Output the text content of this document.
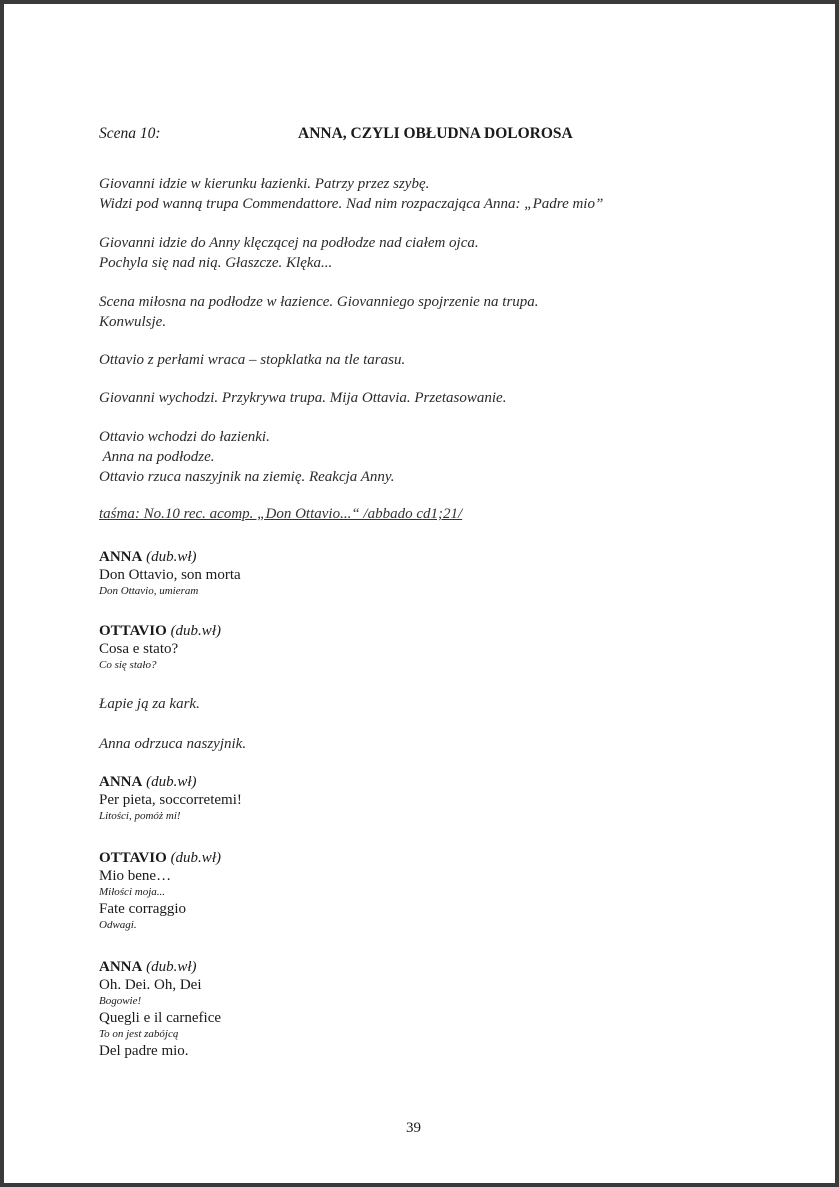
Scena 10:	ANNA, CZYLI OBŁUDNA DOLOROSA
Giovanni idzie w kierunku łazienki. Patrzy przez szybę.
Widzi pod wanną trupa Commendattore. Nad nim rozpaczająca Anna: „Padre mio”
Giovanni idzie do Anny klęczącej na podłodze nad ciałem ojca.
Pochyla się nad nią. Głaszcze. Klęka...
Scena miłosna na podłodze w łazience. Giovanniego spojrzenie na trupa.
Konwulsje.
Ottavio z perłami wraca – stopklatka na tle tarasu.
Giovanni wychodzi. Przykrywa trupa. Mija Ottavia. Przetasowanie.
Ottavio wchodzi do łazienki.
Anna na podłodze.
Ottavio rzuca naszyjnik na ziemię. Reakcja Anny.
taśma: No.10 rec. acomp. „Don Ottavio...“ /abbado cd1;21/
ANNA (dub.wł)
Don Ottavio, son morta
Don Ottavio, umieram
OTTAVIO (dub.wł)
Cosa e stato?
Co się stało?
Łapie ją za kark.
Anna odrzuca naszyjnik.
ANNA (dub.wł)
Per pieta, soccorretemi!
Litości, pomóż mi!
OTTAVIO (dub.wł)
Mio bene…
Miłości moja...
Fate corraggio
Odwagi.
ANNA (dub.wł)
Oh. Dei. Oh, Dei
Bogowie!
Quegli e il carnefice
To on jest zabójcą
Del padre mio.
39
